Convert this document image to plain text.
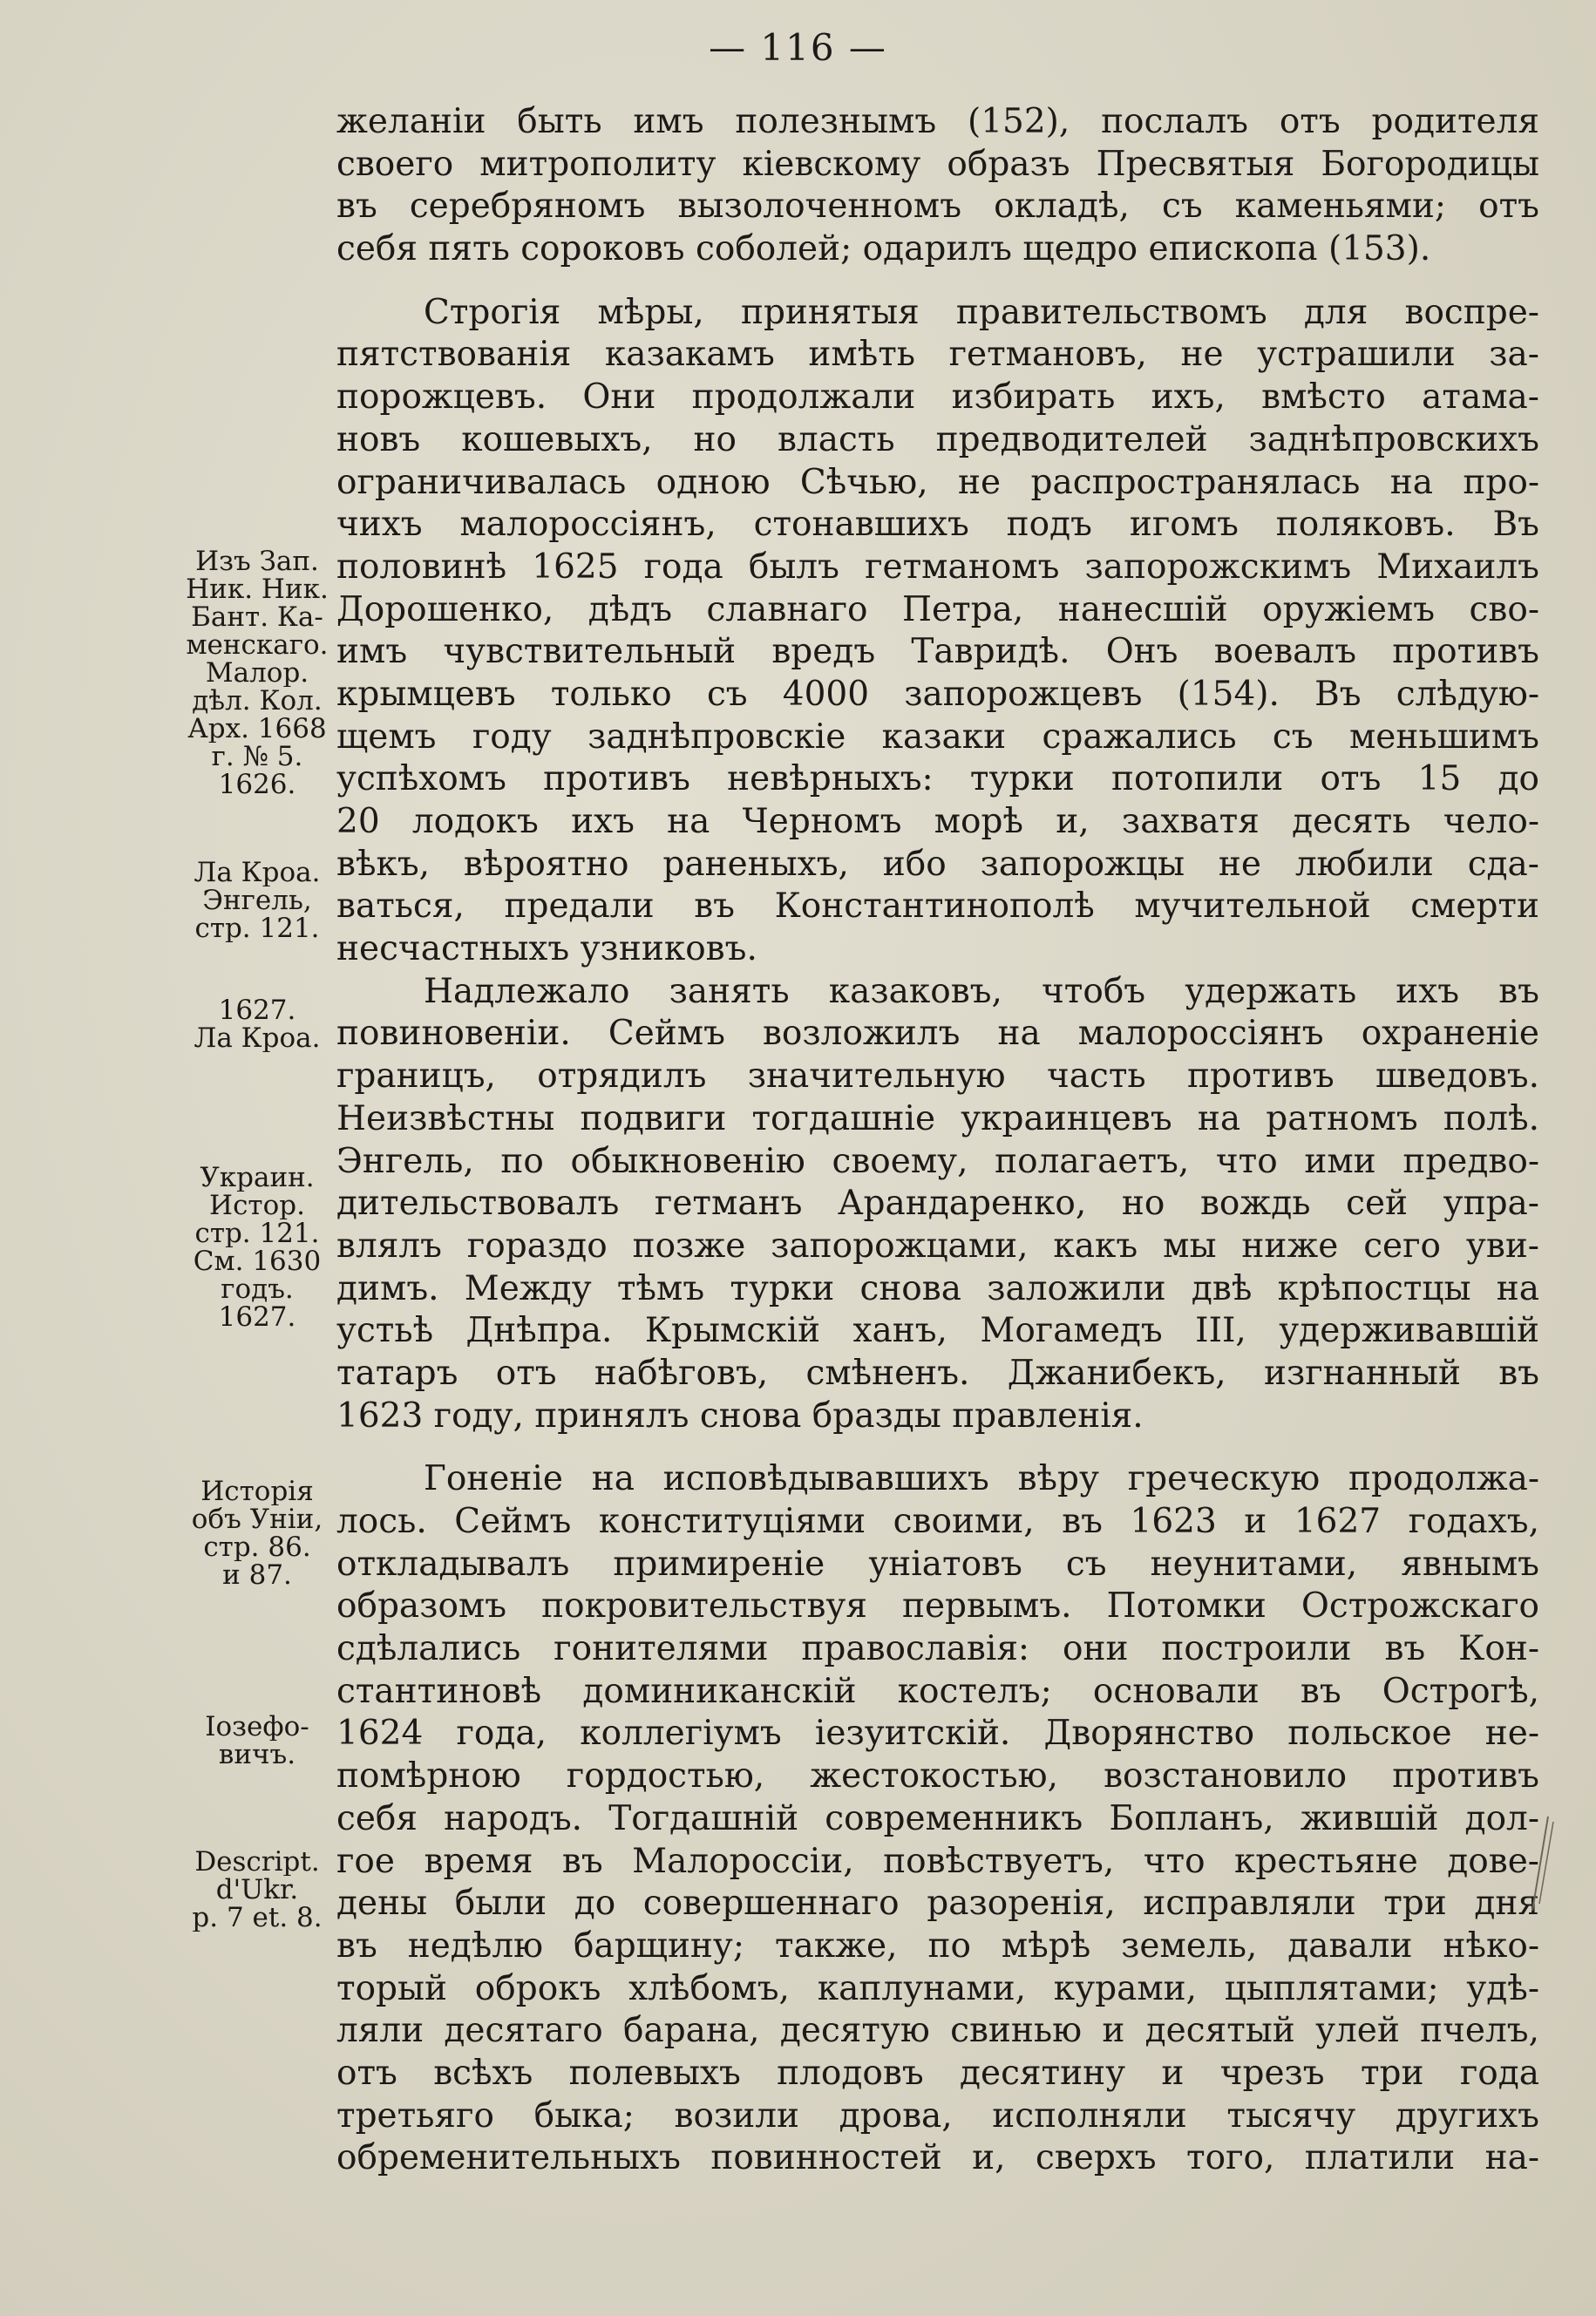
— 116 —
желаніи быть имъ полезнымъ (152), послалъ отъ родителя
своего митрополиту кіевскому образъ Пресвятыя Богородицы
въ серебряномъ вызолоченномъ окладѣ, съ каменьями; отъ
себя пять сороковъ соболей; одарилъ щедро епископа (153).
Строгія мѣры, принятыя правительствомъ для воспре-
пятствованія казакамъ имѣть гетмановъ, не устрашили за-
порожцевъ. Они продолжали избирать ихъ, вмѣсто атама-
новъ кошевыхъ, но власть предводителей заднѣпровскихъ
ограничивалась одною Сѣчью, не распространялась на про-
чихъ малороссіянъ, стонавшихъ подъ игомъ поляковъ. Въ
половинѣ 1625 года былъ гетманомъ запорожскимъ Михаилъ
Дорошенко, дѣдъ славнаго Петра, нанесшій оружіемъ сво-
имъ чувствительный вредъ Тавридѣ. Онъ воевалъ противъ
крымцевъ только съ 4000 запорожцевъ (154). Въ слѣдую-
щемъ году заднѣпровскіе казаки сражались съ меньшимъ
успѣхомъ противъ невѣрныхъ: турки потопили отъ 15 до
20 лодокъ ихъ на Черномъ морѣ и, захватя десять чело-
вѣкъ, вѣроятно раненыхъ, ибо запорожцы не любили сда-
ваться, предали въ Константинополѣ мучительной смерти
несчастныхъ узниковъ.
Надлежало занять казаковъ, чтобъ удержать ихъ въ
повиновеніи. Сеймъ возложилъ на малороссіянъ охраненіе
границъ, отрядилъ значительную часть противъ шведовъ.
Неизвѣстны подвиги тогдашніе украинцевъ на ратномъ полѣ.
Энгель, по обыкновенію своему, полагаетъ, что ими предво-
дительствовалъ гетманъ Арандаренко, но вождь сей упра-
влялъ гораздо позже запорожцами, какъ мы ниже сего уви-
димъ. Между тѣмъ турки снова заложили двѣ крѣпостцы на
устьѣ Днѣпра. Крымскій ханъ, Могамедъ III, удерживавшій
татаръ отъ набѣговъ, смѣненъ. Джанибекъ, изгнанный въ
1623 году, принялъ снова бразды правленія.
Гоненіе на исповѣдывавшихъ вѣру греческую продолжа-
лось. Сеймъ конституціями своими, въ 1623 и 1627 годахъ,
откладывалъ примиреніе уніатовъ съ неунитами, явнымъ
образомъ покровительствуя первымъ. Потомки Острожскаго
сдѣлались гонителями православія: они построили въ Кон-
стантиновѣ доминиканскій костелъ; основали въ Острогѣ,
1624 года, коллегіумъ іезуитскій. Дворянство польское не-
помѣрною гордостью, жестокостью, возстановило противъ
себя народъ. Тогдашній современникъ Бопланъ, жившій дол-
гое время въ Малороссіи, повѣствуетъ, что крестьяне дове-
дены были до совершеннаго разоренія, исправляли три дня
въ недѣлю барщину; также, по мѣрѣ земель, давали нѣко-
торый оброкъ хлѣбомъ, каплунами, курами, цыплятами; удѣ-
ляли десятаго барана, десятую свинью и десятый улей пчелъ,
отъ всѣхъ полевыхъ плодовъ десятину и чрезъ три года
третьяго быка; возили дрова, исполняли тысячу другихъ
обременительныхъ повинностей и, сверхъ того, платили на-
Изъ Зап.
Ник. Ник.
Бант. Ка-
менскаго.
Малор.
дѣл. Кол.
Арх. 1668
г. № 5.
1626.
Ла Кроа.
Энгель,
стр. 121.
1627.
Ла Кроа.
Украин.
Истор.
стр. 121.
См. 1630
годъ.
1627.
Исторія
объ Уніи,
стр. 86.
и 87.
Іозефо-
вичъ.
Descript.
d'Ukr.
p. 7 et. 8.
